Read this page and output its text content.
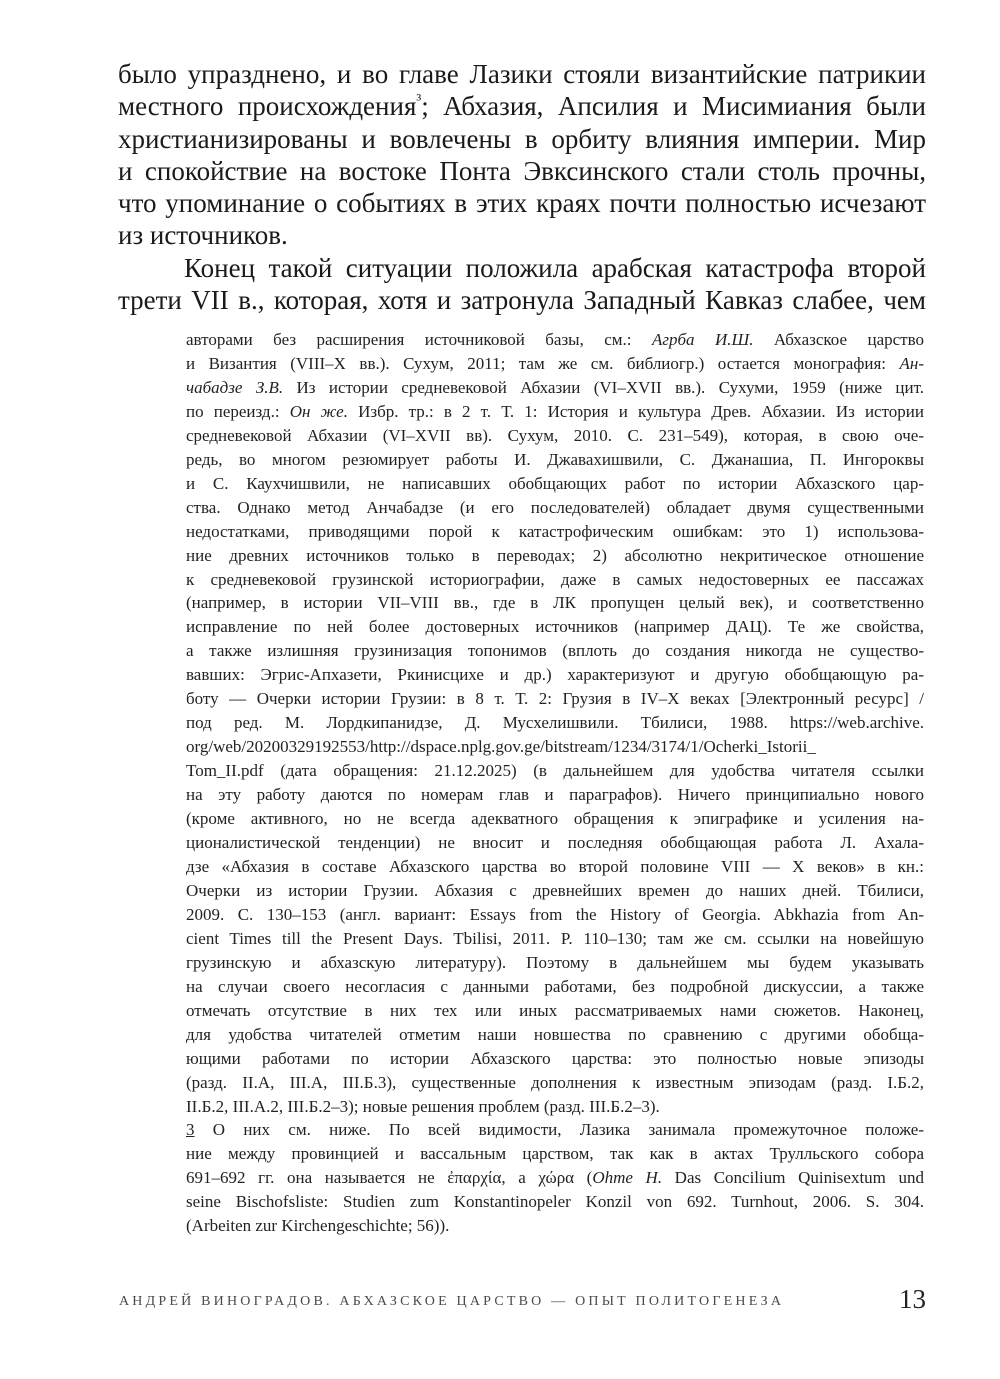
было упразднено, и во главе Лазики стояли византийские патрикии
местного происхождения$^{^3}$; Абхазия, Апсилия и Мисимиания были
христианизированы и вовлечены в орбиту влияния империи. Мир
и спокойствие на востоке Понта Эвксинского стали столь прочны,
что упоминание о событиях в этих краях почти полностью исчезают
из источников.
Конец такой ситуации положила арабская катастрофа второй
трети VII в., которая, хотя и затронула Западный Кавказ слабее, чем
авторами без расширения источниковой базы, см.: Агрба И.Ш. Абхазское царство
и Византия (VIII–X вв.). Сухум, 2011; там же см. библиогр.) остается монография: Ан-
чабадзе З.В. Из истории средневековой Абхазии (VI–XVII вв.). Сухуми, 1959 (ниже цит.
по переизд.: Он же. Избр. тр.: в 2 т. Т. 1: История и культура Древ. Абхазии. Из истории
средневековой Абхазии (VI–XVII вв). Сухум, 2010. С. 231–549), которая, в свою оче-
редь, во многом резюмирует работы И. Джавахишвили, С. Джанашиа, П. Ингороквы
и С. Каухчишвили, не написавших обобщающих работ по истории Абхазского цар-
ства. Однако метод Анчабадзе (и его последователей) обладает двумя существенными
недостатками, приводящими порой к катастрофическим ошибкам: это 1) использова-
ние древних источников только в переводах; 2) абсолютно некритическое отношение
к средневековой грузинской историографии, даже в самых недостоверных ее пассажах
(например, в истории VII–VIII вв., где в ЛК пропущен целый век), и соответственно
исправление по ней более достоверных источников (например ДАЦ). Те же свойства,
а также излишняя грузинизация топонимов (вплоть до создания никогда не существо-
вавших: Эгрис-Апхазети, Ркинисцихе и др.) характеризуют и другую обобщающую ра-
боту — Очерки истории Грузии: в 8 т. Т. 2: Грузия в IV–X веках [Электронный ресурс] /
под ред. М. Лордкипанидзе, Д. Мусхелишвили. Тбилиси, 1988. https://web.archive.
org/web/20200329192553/http://dspace.nplg.gov.ge/bitstream/1234/3174/1/Ocherki_Istorii_
Tom_II.pdf (дата обращения: 21.12.2025) (в дальнейшем для удобства читателя ссылки
на эту работу даются по номерам глав и параграфов). Ничего принципиально нового
(кроме активного, но не всегда адекватного обращения к эпиграфике и усиления на-
ционалистической тенденции) не вносит и последняя обобщающая работа Л. Ахала-
дзе «Абхазия в составе Абхазского царства во второй половине VIII — X веков» в кн.:
Очерки из истории Грузии. Абхазия с древнейших времен до наших дней. Тбилиси,
2009. С. 130–153 (англ. вариант: Essays from the History of Georgia. Abkhazia from An-
cient Times till the Present Days. Tbilisi, 2011. P. 110–130; там же см. ссылки на новейшую
грузинскую и абхазскую литературу). Поэтому в дальнейшем мы будем указывать
на случаи своего несогласия с данными работами, без подробной дискуссии, а также
отмечать отсутствие в них тех или иных рассматриваемых нами сюжетов. Наконец,
для удобства читателей отметим наши новшества по сравнению с другими обобща-
ющими работами по истории Абхазского царства: это полностью новые эпизоды
(разд. II.А, III.А, III.Б.3), существенные дополнения к известным эпизодам (разд. I.Б.2,
II.Б.2, III.А.2, III.Б.2–3); новые решения проблем (разд. III.Б.2–3).
3 О них см. ниже. По всей видимости, Лазика занимала промежуточное положе-
ние между провинцией и вассальным царством, так как в актах Трулльского собора
691–692 гг. она называется не ἐπαρχία, а χώρα (Ohme H. Das Concilium Quinisextum und
seine Bischofsliste: Studien zum Konstantinopeler Konzil von 692. Turnhout, 2006. S. 304.
(Arbeiten zur Kirchengeschichte; 56)).
АНДРЕЙ ВИНОГРАДОВ. АБХАЗСКОЕ ЦАРСТВО — ОПЫТ ПОЛИТОГЕНЕЗА	13
